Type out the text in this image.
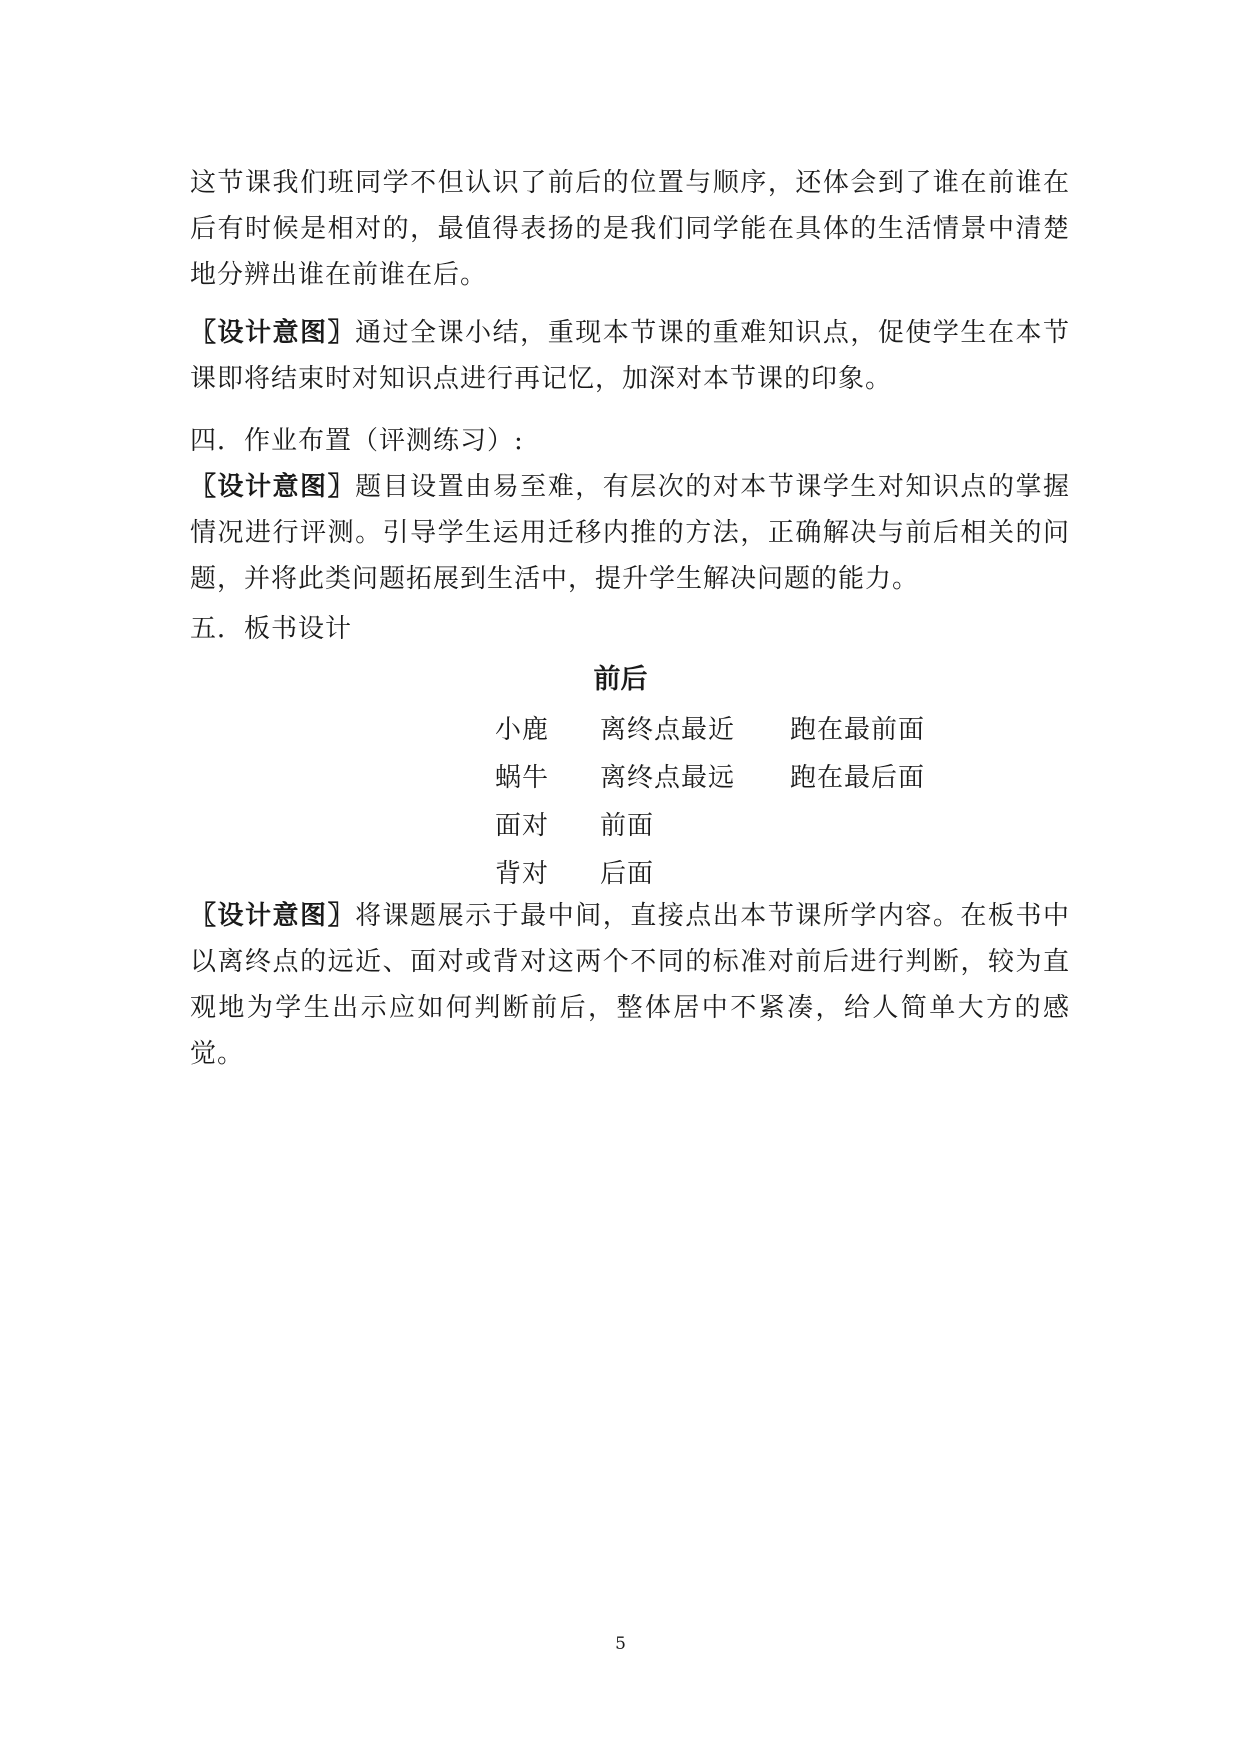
这节课我们班同学不但认识了前后的位置与顺序，还体会到了谁在前谁在后有时候是相对的，最值得表扬的是我们同学能在具体的生活情景中清楚地分辨出谁在前谁在后。

〖设计意图〗通过全课小结，重现本节课的重难知识点，促使学生在本节课即将结束时对知识点进行再记忆，加深对本节课的印象。

四．作业布置（评测练习）:

〖设计意图〗题目设置由易至难，有层次的对本节课学生对知识点的掌握情况进行评测。引导学生运用迁移内推的方法，正确解决与前后相关的问题，并将此类问题拓展到生活中，提升学生解决问题的能力。

五．板书设计

前后
小鹿	离终点最近	跑在最前面
蜗牛	离终点最远	跑在最后面
面对	前面
背对	后面

〖设计意图〗将课题展示于最中间，直接点出本节课所学内容。在板书中以离终点的远近、面对或背对这两个不同的标准对前后进行判断，较为直观地为学生出示应如何判断前后，整体居中不紧凑，给人简单大方的感觉。

5
